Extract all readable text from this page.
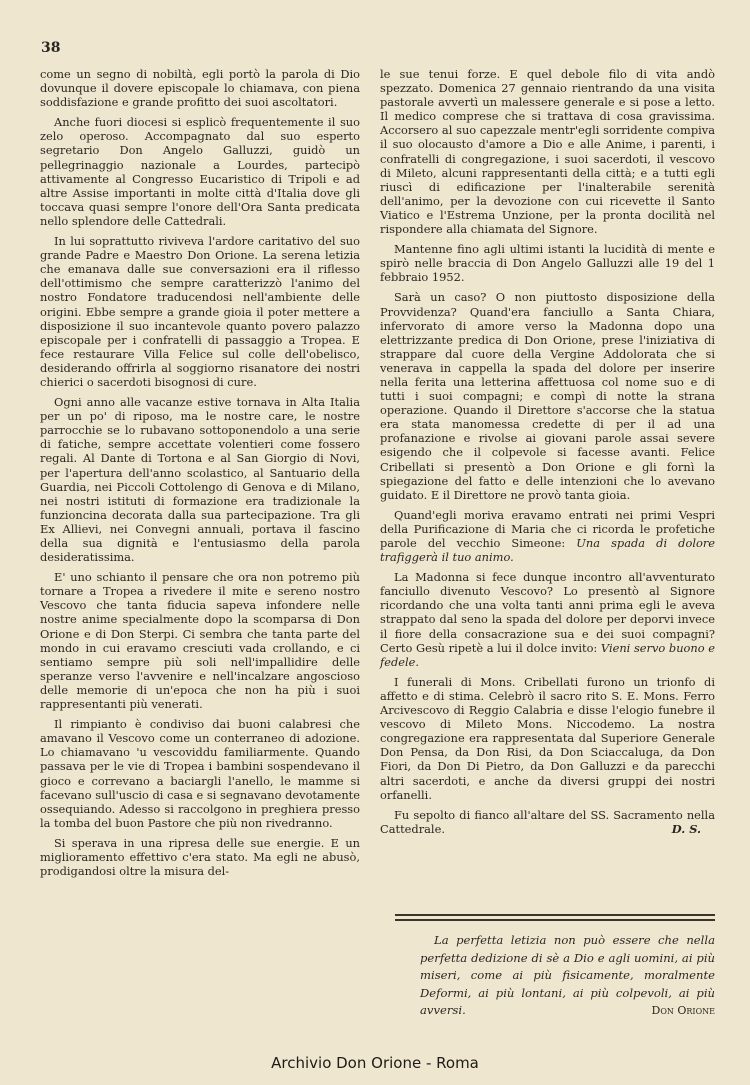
38

come un segno di nobiltà, egli portò la parola di Dio dovunque il dovere episcopale lo chiamava, con piena soddisfazione e grande profitto dei suoi ascoltatori.

Anche fuori diocesi si esplicò frequentemente il suo zelo operoso. Accompagnato dal suo esperto segretario Don Angelo Galluzzi, guidò un pellegrinaggio nazionale a Lourdes, partecipò attivamente al Congresso Eucaristico di Tripoli e ad altre Assise importanti in molte città d'Italia dove gli toccava quasi sempre l'onore dell'Ora Santa predicata nello splendore delle Cattedrali.

In lui soprattutto riviveva l'ardore caritativo del suo grande Padre e Maestro Don Orione. La serena letizia che emanava dalle sue conversazioni era il riflesso dell'ottimismo che sempre caratterizzò l'animo del nostro Fondatore traducendosi nell'ambiente delle origini. Ebbe sempre a grande gioia il poter mettere a disposizione il suo incantevole quanto povero palazzo episcopale per i confratelli di passaggio a Tropea. E fece restaurare Villa Felice sul colle dell'obelisco, desiderando offrirla al soggiorno risanatore dei nostri chierici o sacerdoti bisognosi di cure.

Ogni anno alle vacanze estive tornava in Alta Italia per un po' di riposo, ma le nostre care, le nostre parrocchie se lo rubavano sottoponendolo a una serie di fatiche, sempre accettate volentieri come fossero regali. Al Dante di Tortona e al San Giorgio di Novi, per l'apertura dell'anno scolastico, al Santuario della Guardia, nei Piccoli Cottolengo di Genova e di Milano, nei nostri istituti di formazione era tradizionale la funzioncina decorata dalla sua partecipazione. Tra gli Ex Allievi, nei Convegni annuali, portava il fascino della sua dignità e l'entusiasmo della parola desideratissima.

E' uno schianto il pensare che ora non potremo più tornare a Tropea a rivedere il mite e sereno nostro Vescovo che tanta fiducia sapeva infondere nelle nostre anime specialmente dopo la scomparsa di Don Orione e di Don Sterpi. Ci sembra che tanta parte del mondo in cui eravamo cresciuti vada crollando, e ci sentiamo sempre più soli nell'impallidire delle speranze verso l'avvenire e nell'incalzare angoscioso delle memorie di un'epoca che non ha più i suoi rappresentanti più venerati.

Il rimpianto è condiviso dai buoni calabresi che amavano il Vescovo come un conterraneo di adozione. Lo chiamavano 'u vescoviddu familiarmente. Quando passava per le vie di Tropea i bambini sospendevano il gioco e correvano a baciargli l'anello, le mamme si facevano sull'uscio di casa e si segnavano devotamente ossequiando. Adesso si raccolgono in preghiera presso la tomba del buon Pastore che più non rivedranno.

Si sperava in una ripresa delle sue energie. E un miglioramento effettivo c'era stato. Ma egli ne abusò, prodigandosi oltre la misura del-

le sue tenui forze. E quel debole filo di vita andò spezzato. Domenica 27 gennaio rientrando da una visita pastorale avvertì un malessere generale e si pose a letto. Il medico comprese che si trattava di cosa gravissima. Accorsero al suo capezzale mentr'egli sorridente compiva il suo olocausto d'amore a Dio e alle Anime, i parenti, i confratelli di congregazione, i suoi sacerdoti, il vescovo di Mileto, alcuni rappresentanti della città; e a tutti egli riuscì di edificazione per l'inalterabile serenità dell'animo, per la devozione con cui ricevette il Santo Viatico e l'Estrema Unzione, per la pronta docilità nel rispondere alla chiamata del Signore.

Mantenne fino agli ultimi istanti la lucidità di mente e spirò nelle braccia di Don Angelo Galluzzi alle 19 del 1 febbraio 1952.

Sarà un caso? O non piuttosto disposizione della Provvidenza? Quand'era fanciullo a Santa Chiara, infervorato di amore verso la Madonna dopo una elettrizzante predica di Don Orione, prese l'iniziativa di strappare dal cuore della Vergine Addolorata che si venerava in cappella la spada del dolore per inserire nella ferita una letterina affettuosa col nome suo e di tutti i suoi compagni; e compì di notte la strana operazione. Quando il Direttore s'accorse che la statua era stata manomessa credette di per il ad una profanazione e rivolse ai giovani parole assai severe esigendo che il colpevole si facesse avanti. Felice Cribellati si presentò a Don Orione e gli fornì la spiegazione del fatto e delle intenzioni che lo avevano guidato. E il Direttore ne provò tanta gioia.

Quand'egli moriva eravamo entrati nei primi Vespri della Purificazione di Maria che ci ricorda le profetiche parole del vecchio Simeone: Una spada di dolore trafiggerà il tuo animo.

La Madonna si fece dunque incontro all'avventurato fanciullo divenuto Vescovo? Lo presentò al Signore ricordando che una volta tanti anni prima egli le aveva strappato dal seno la spada del dolore per deporvi invece il fiore della consacrazione sua e dei suoi compagni? Certo Gesù ripetè a lui il dolce invito: Vieni servo buono e fedele.

I funerali di Mons. Cribellati furono un trionfo di affetto e di stima. Celebrò il sacro rito S. E. Mons. Ferro Arcivescovo di Reggio Calabria e disse l'elogio funebre il vescovo di Mileto Mons. Niccodemo. La nostra congregazione era rappresentata dal Superiore Generale Don Pensa, da Don Risi, da Don Sciaccaluga, da Don Fiori, da Don Di Pietro, da Don Galluzzi e da parecchi altri sacerdoti, e anche da diversi gruppi dei nostri orfanelli.

Fu sepolto di fianco all'altare del SS. Sacramento nella Cattedrale.	D. S.

La perfetta letizia non può essere che nella perfetta dedizione di sè a Dio e agli uomini, ai più miseri, come ai più fisicamente, moralmente Deformi, ai più lontani, ai più colpevoli, ai più avversi.	Don Orione
Archivio Don Orione - Roma
